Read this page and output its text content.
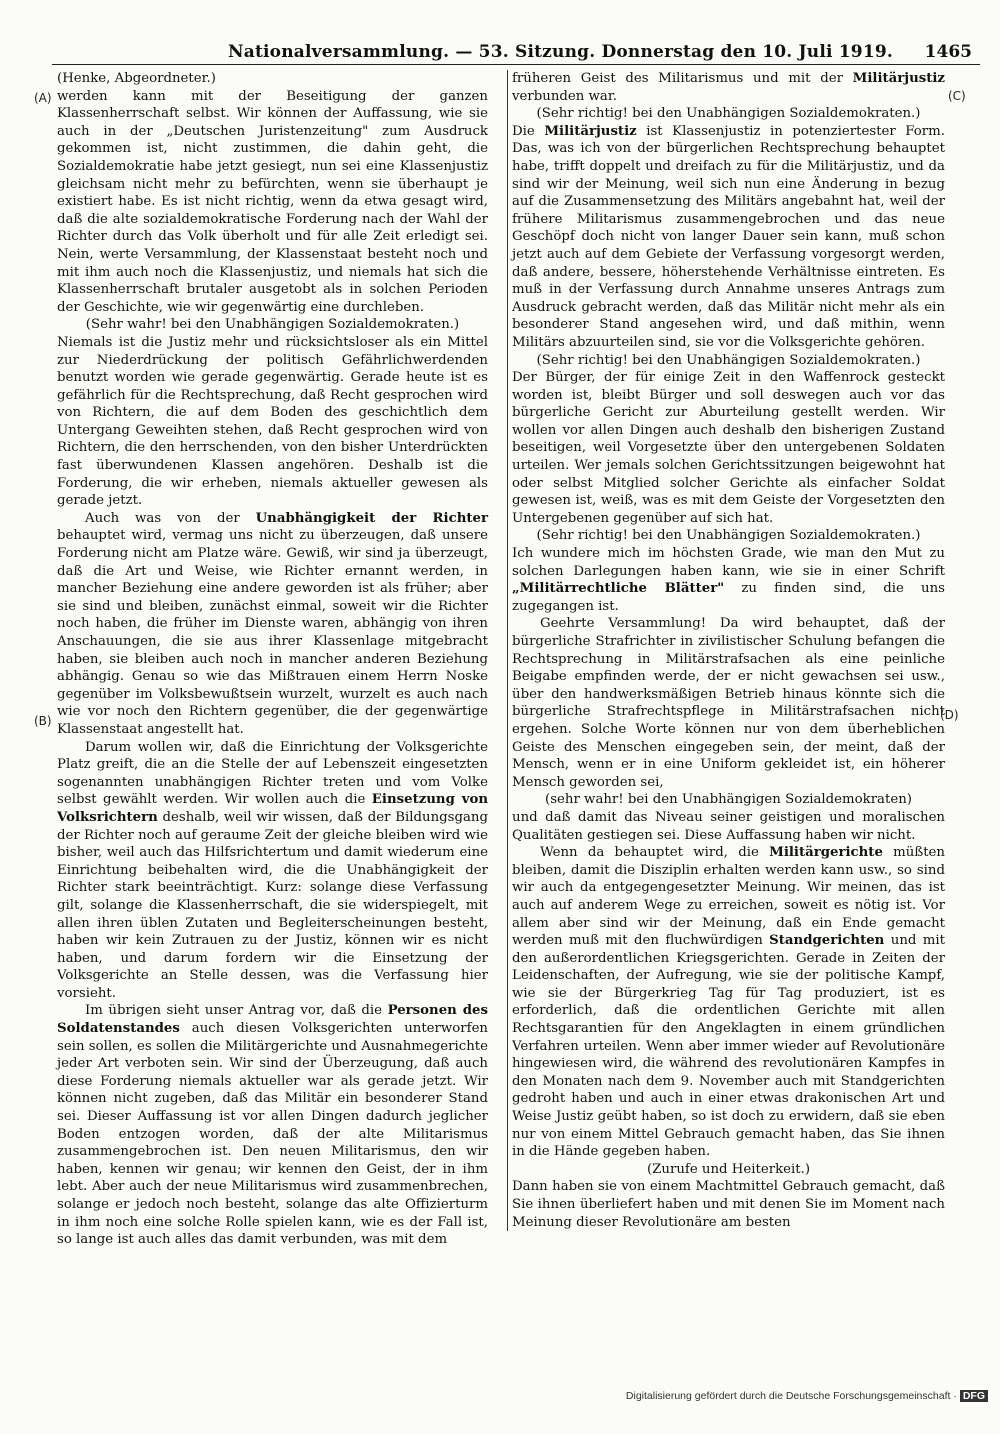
Nationalversammlung. — 53. Sitzung. Donnerstag den 10. Juli 1919. 1465
(A)
(B)
(C)
(D)

(Henke, Abgeordneter.)

werden kann mit der Beseitigung der ganzen Klassenherrschaft selbst. Wir können der Auffassung, wie sie auch in der „Deutschen Juristenzeitung" zum Ausdruck gekommen ist, nicht zustimmen, die dahin geht, die Sozialdemokratie habe jetzt gesiegt, nun sei eine Klassenjustiz gleichsam nicht mehr zu befürchten, wenn sie überhaupt je existiert habe. Es ist nicht richtig, wenn da etwa gesagt wird, daß die alte sozialdemokratische Forderung nach der Wahl der Richter durch das Volk überholt und für alle Zeit erledigt sei. Nein, werte Versammlung, der Klassenstaat besteht noch und mit ihm auch noch die Klassenjustiz, und niemals hat sich die Klassenherrschaft brutaler ausgetobt als in solchen Perioden der Geschichte, wie wir gegenwärtig eine durchleben.

(Sehr wahr! bei den Unabhängigen Sozialdemokraten.)

Niemals ist die Justiz mehr und rücksichtsloser als ein Mittel zur Niederdrückung der politisch Gefährlichwerdenden benutzt worden wie gerade gegenwärtig. Gerade heute ist es gefährlich für die Rechtsprechung, daß Recht gesprochen wird von Richtern, die auf dem Boden des geschichtlich dem Untergang Geweihten stehen, daß Recht gesprochen wird von Richtern, die den herrschenden, von den bisher Unterdrückten fast überwundenen Klassen angehören. Deshalb ist die Forderung, die wir erheben, niemals aktueller gewesen als gerade jetzt.

Auch was von der Unabhängigkeit der Richter behauptet wird, vermag uns nicht zu überzeugen, daß unsere Forderung nicht am Platze wäre. Gewiß, wir sind ja überzeugt, daß die Art und Weise, wie Richter ernannt werden, in mancher Beziehung eine andere geworden ist als früher; aber sie sind und bleiben, zunächst einmal, soweit wir die Richter noch haben, die früher im Dienste waren, abhängig von ihren Anschauungen, die sie aus ihrer Klassenlage mitgebracht haben, sie bleiben auch noch in mancher anderen Beziehung abhängig. Genau so wie das Mißtrauen einem Herrn Noske gegenüber im Volksbewußtsein wurzelt, wurzelt es auch nach wie vor noch den Richtern gegenüber, die der gegenwärtige Klassenstaat angestellt hat.

Darum wollen wir, daß die Einrichtung der Volksgerichte Platz greift, die an die Stelle der auf Lebenszeit eingesetzten sogenannten unabhängigen Richter treten und vom Volke selbst gewählt werden. Wir wollen auch die Einsetzung von Volksrichtern deshalb, weil wir wissen, daß der Bildungsgang der Richter noch auf geraume Zeit der gleiche bleiben wird wie bisher, weil auch das Hilfsrichtertum und damit wiederum eine Einrichtung beibehalten wird, die die Unabhängigkeit der Richter stark beeinträchtigt. Kurz: solange diese Verfassung gilt, solange die Klassenherrschaft, die sie widerspiegelt, mit allen ihren üblen Zutaten und Begleiterscheinungen besteht, haben wir kein Zutrauen zu der Justiz, können wir es nicht haben, und darum fordern wir die Einsetzung der Volksgerichte an Stelle dessen, was die Verfassung hier vorsieht.

Im übrigen sieht unser Antrag vor, daß die Personen des Soldatenstandes auch diesen Volksgerichten unterworfen sein sollen, es sollen die Militärgerichte und Ausnahmegerichte jeder Art verboten sein. Wir sind der Überzeugung, daß auch diese Forderung niemals aktueller war als gerade jetzt. Wir können nicht zugeben, daß das Militär ein besonderer Stand sei. Dieser Auffassung ist vor allen Dingen dadurch jeglicher Boden entzogen worden, daß der alte Militarismus zusammengebrochen ist. Den neuen Militarismus, den wir haben, kennen wir genau; wir kennen den Geist, der in ihm lebt. Aber auch der neue Militarismus wird zusammenbrechen, solange er jedoch noch besteht, solange das alte Offizierturm in ihm noch eine solche Rolle spielen kann, wie es der Fall ist, so lange ist auch alles das damit verbunden, was mit dem

früheren Geist des Militarismus und mit der Militärjustiz verbunden war.

(Sehr richtig! bei den Unabhängigen Sozialdemokraten.)

Die Militärjustiz ist Klassenjustiz in potenziertester Form. Das, was ich von der bürgerlichen Rechtsprechung behauptet habe, trifft doppelt und dreifach zu für die Militärjustiz, und da sind wir der Meinung, weil sich nun eine Änderung in bezug auf die Zusammensetzung des Militärs angebahnt hat, weil der frühere Militarismus zusammengebrochen und das neue Geschöpf doch nicht von langer Dauer sein kann, muß schon jetzt auch auf dem Gebiete der Verfassung vorgesorgt werden, daß andere, bessere, höherstehende Verhältnisse eintreten. Es muß in der Verfassung durch Annahme unseres Antrags zum Ausdruck gebracht werden, daß das Militär nicht mehr als ein besonderer Stand angesehen wird, und daß mithin, wenn Militärs abzuurteilen sind, sie vor die Volksgerichte gehören.

(Sehr richtig! bei den Unabhängigen Sozialdemokraten.)

Der Bürger, der für einige Zeit in den Waffenrock gesteckt worden ist, bleibt Bürger und soll deswegen auch vor das bürgerliche Gericht zur Aburteilung gestellt werden. Wir wollen vor allen Dingen auch deshalb den bisherigen Zustand beseitigen, weil Vorgesetzte über den untergebenen Soldaten urteilen. Wer jemals solchen Gerichtssitzungen beigewohnt hat oder selbst Mitglied solcher Gerichte als einfacher Soldat gewesen ist, weiß, was es mit dem Geiste der Vorgesetzten den Untergebenen gegenüber auf sich hat.

(Sehr richtig! bei den Unabhängigen Sozialdemokraten.)

Ich wundere mich im höchsten Grade, wie man den Mut zu solchen Darlegungen haben kann, wie sie in einer Schrift „Militärrechtliche Blätter" zu finden sind, die uns zugegangen ist.

Geehrte Versammlung! Da wird behauptet, daß der bürgerliche Strafrichter in zivilistischer Schulung befangen die Rechtsprechung in Militärstrafsachen als eine peinliche Beigabe empfinden werde, der er nicht gewachsen sei usw., über den handwerksmäßigen Betrieb hinaus könnte sich die bürgerliche Strafrechtspflege in Militärstrafsachen nicht ergehen. Solche Worte können nur von dem überheblichen Geiste des Menschen eingegeben sein, der meint, daß der Mensch, wenn er in eine Uniform gekleidet ist, ein höherer Mensch geworden sei,

(sehr wahr! bei den Unabhängigen Sozialdemokraten)

und daß damit das Niveau seiner geistigen und moralischen Qualitäten gestiegen sei. Diese Auffassung haben wir nicht.

Wenn da behauptet wird, die Militärgerichte müßten bleiben, damit die Disziplin erhalten werden kann usw., so sind wir auch da entgegengesetzter Meinung. Wir meinen, das ist auch auf anderem Wege zu erreichen, soweit es nötig ist. Vor allem aber sind wir der Meinung, daß ein Ende gemacht werden muß mit den fluchwürdigen Standgerichten und mit den außerordentlichen Kriegsgerichten. Gerade in Zeiten der Leidenschaften, der Aufregung, wie sie der politische Kampf, wie sie der Bürgerkrieg Tag für Tag produziert, ist es erforderlich, daß die ordentlichen Gerichte mit allen Rechtsgarantien für den Angeklagten in einem gründlichen Verfahren urteilen. Wenn aber immer wieder auf Revolutionäre hingewiesen wird, die während des revolutionären Kampfes in den Monaten nach dem 9. November auch mit Standgerichten gedroht haben und auch in einer etwas drakonischen Art und Weise Justiz geübt haben, so ist doch zu erwidern, daß sie eben nur von einem Mittel Gebrauch gemacht haben, das Sie ihnen in die Hände gegeben haben.

(Zurufe und Heiterkeit.)

Dann haben sie von einem Machtmittel Gebrauch gemacht, daß Sie ihnen überliefert haben und mit denen Sie im Moment nach Meinung dieser Revolutionäre am besten

Digitalisierung gefördert durch die Deutsche Forschungsgemeinschaft · DFG
